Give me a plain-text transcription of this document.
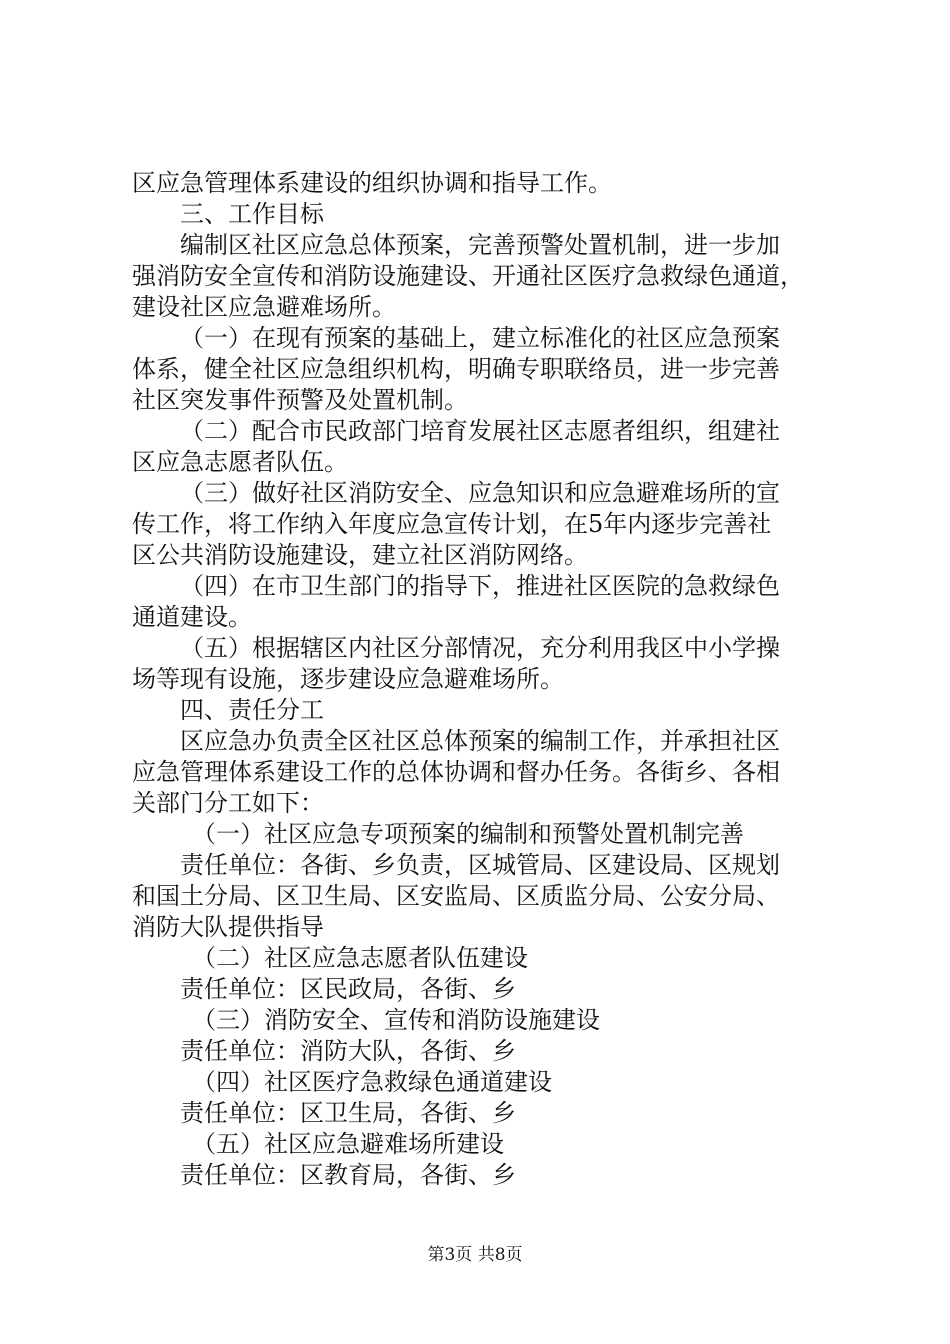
区应急管理体系建设的组织协调和指导工作。
三、工作目标
编制区社区应急总体预案，完善预警处置机制，进一步加
强消防安全宣传和消防设施建设、开通社区医疗急救绿色通道，
建设社区应急避难场所。
（一）在现有预案的基础上，建立标准化的社区应急预案
体系，健全社区应急组织机构，明确专职联络员，进一步完善
社区突发事件预警及处置机制。
（二）配合市民政部门培育发展社区志愿者组织，组建社
区应急志愿者队伍。
（三）做好社区消防安全、应急知识和应急避难场所的宣
传工作，将工作纳入年度应急宣传计划，在5年内逐步完善社
区公共消防设施建设，建立社区消防网络。
（四）在市卫生部门的指导下，推进社区医院的急救绿色
通道建设。
（五）根据辖区内社区分部情况，充分利用我区中小学操
场等现有设施，逐步建设应急避难场所。
四、责任分工
区应急办负责全区社区总体预案的编制工作，并承担社区
应急管理体系建设工作的总体协调和督办任务。各街乡、各相
关部门分工如下：
（一）社区应急专项预案的编制和预警处置机制完善
责任单位：各街、乡负责，区城管局、区建设局、区规划
和国土分局、区卫生局、区安监局、区质监分局、公安分局、
消防大队提供指导
（二）社区应急志愿者队伍建设
责任单位：区民政局，各街、乡
（三）消防安全、宣传和消防设施建设
责任单位：消防大队，各街、乡
（四）社区医疗急救绿色通道建设
责任单位：区卫生局，各街、乡
（五）社区应急避难场所建设
责任单位：区教育局，各街、乡
第3页 共8页
